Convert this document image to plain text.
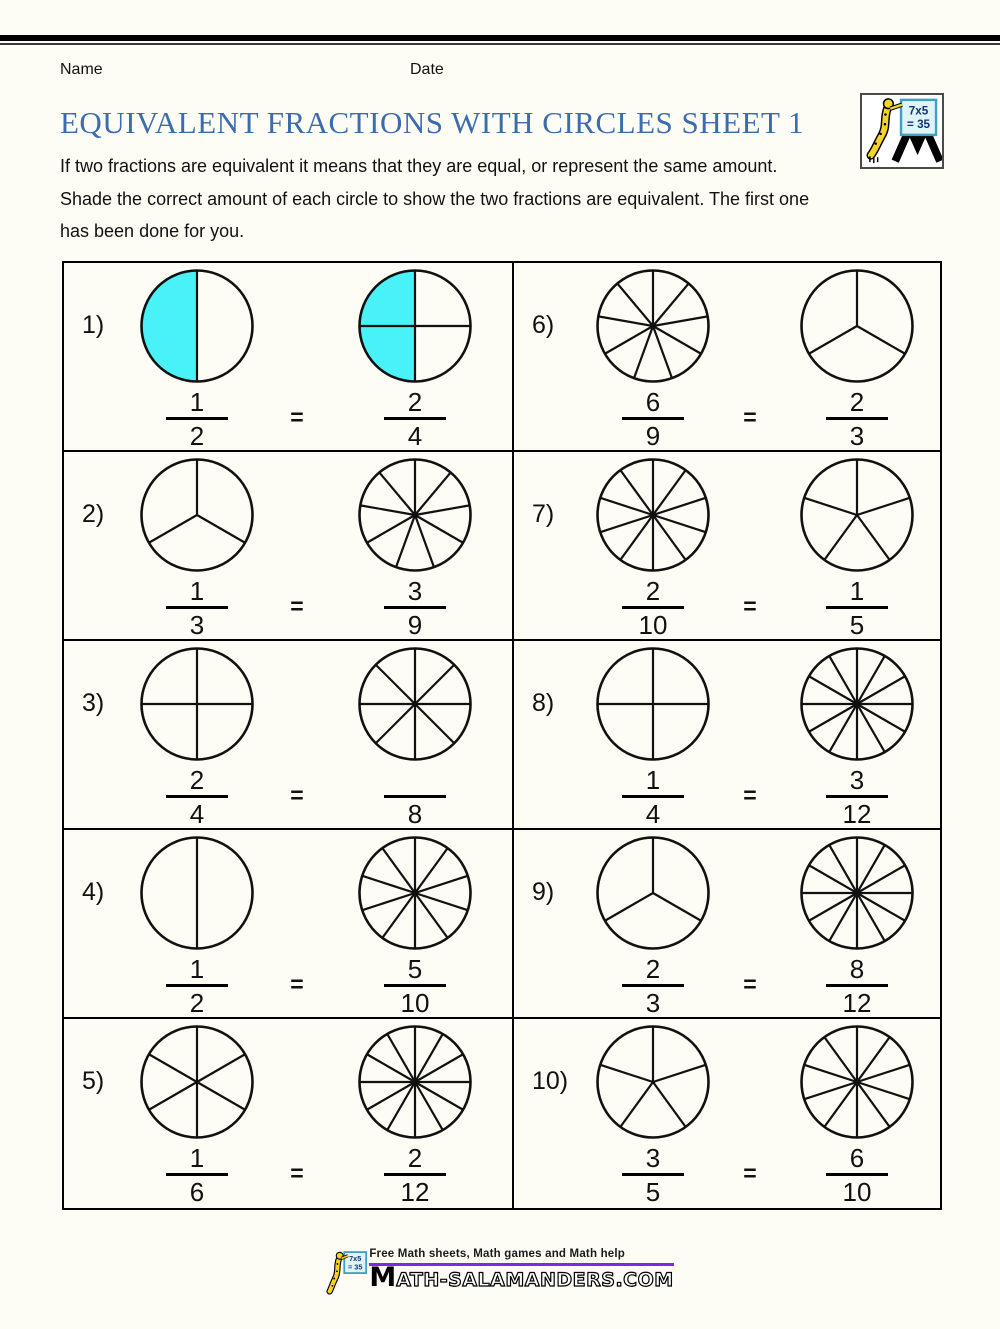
Name	Date
7x5
= 35
EQUIVALENT FRACTIONS WITH CIRCLES SHEET 1
If two fractions are equivalent it means that they are equal, or represent the same amount.
Shade the correct amount of each circle to show the two fractions are equivalent. The first one
has been done for you.
1)
1
2
=	2
4
6)
6
9
=	2
3
2)
1
3
=	3
9
7)
2
10
=	1
5
3)
2
4
=
8
8)
1
4
=	3
12
4)
1
2
=	5
10
9)
2
3
=	8
12
5)
1
6
=	2
12
10)
3
5
=	6
10
7x5
= 35
Free Math sheets, Math games and Math help
MATH-SALAMANDERS.COM
